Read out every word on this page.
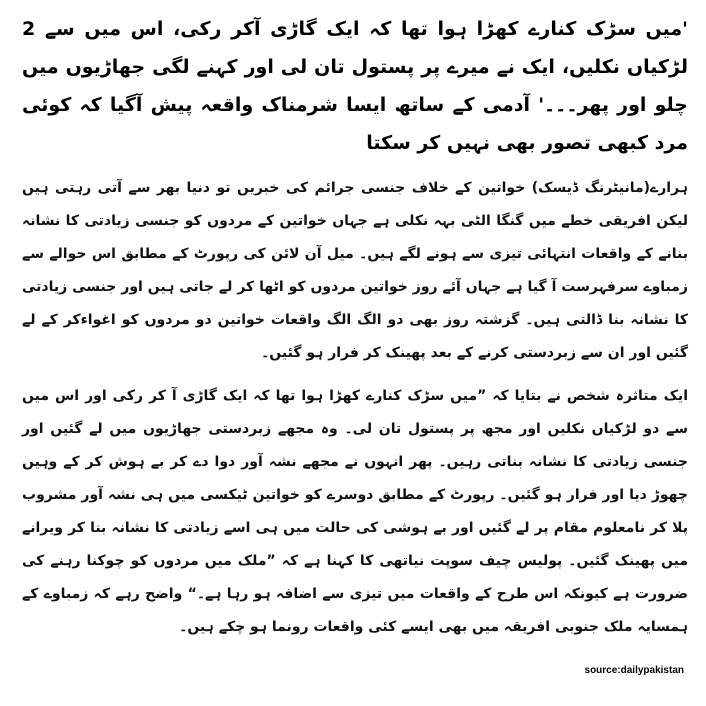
'میں سڑک کنارے کھڑا ہوا تھا کہ ایک گاڑی آکر رکی، اس میں سے 2 لڑکیاں نکلیں، ایک نے میرے پر پستول تان لی اور کہنے لگی جھاڑیوں میں چلو اور پھر۔۔۔' آدمی کے ساتھ ایسا شرمناک واقعہ پیش آگیا کہ کوئی مرد کبھی تصور بھی نہیں کر سکتا
ہرارے(مانیٹرنگ ڈیسک) خواتین کے خلاف جنسی جرائم کی خبریں تو دنیا بھر سے آتی رہتی ہیں لیکن افریقی خطے میں گنگا الٹی بہہ نکلی ہے جہاں خواتین کے مردوں کو جنسی زیادتی کا نشانہ بنانے کے واقعات انتہائی تیزی سے ہونے لگے ہیں۔ میل آن لائن کی رپورٹ کے مطابق اس حوالے سے زمباوے سرفہرست آ گیا ہے جہاں آئے روز خواتین مردوں کو اٹھا کر لے جاتی ہیں اور جنسی زیادتی کا نشانہ بنا ڈالتی ہیں۔ گزشتہ روز بھی دو الگ الگ واقعات خواتین دو مردوں کو اغواءکر کے لے گئیں اور ان سے زبردستی کرنے کے بعد پھینک کر فرار ہو گئیں۔
ایک متاثرہ شخص نے بتایا کہ ”میں سڑک کنارے کھڑا ہوا تھا کہ ایک گاڑی آ کر رکی اور اس میں سے دو لڑکیاں نکلیں اور مجھ پر پستول تان لی۔ وہ مجھے زبردستی جھاڑیوں میں لے گئیں اور جنسی زیادتی کا نشانہ بناتی رہیں۔ پھر انہوں نے مجھے نشہ آور دوا دے کر بے ہوش کر کے وہیں چھوڑ دیا اور فرار ہو گئیں۔ رپورٹ کے مطابق دوسرے کو خواتین ٹیکسی میں ہی نشہ آور مشروب پلا کر نامعلوم مقام پر لے گئیں اور بے ہوشی کی حالت میں ہی اسے زیادتی کا نشانہ بنا کر ویرانے میں پھینک گئیں۔ پولیس چیف سوپت نیاتھی کا کہنا ہے کہ ”ملک میں مردوں کو چوکنا رہنے کی ضرورت ہے کیونکہ اس طرح کے واقعات میں تیزی سے اضافہ ہو رہا ہے۔“ واضح رہے کہ زمباوے کے ہمسایہ ملک جنوبی افریقہ میں بھی ایسے کئی واقعات رونما ہو چکے ہیں۔
source:dailypakistan
